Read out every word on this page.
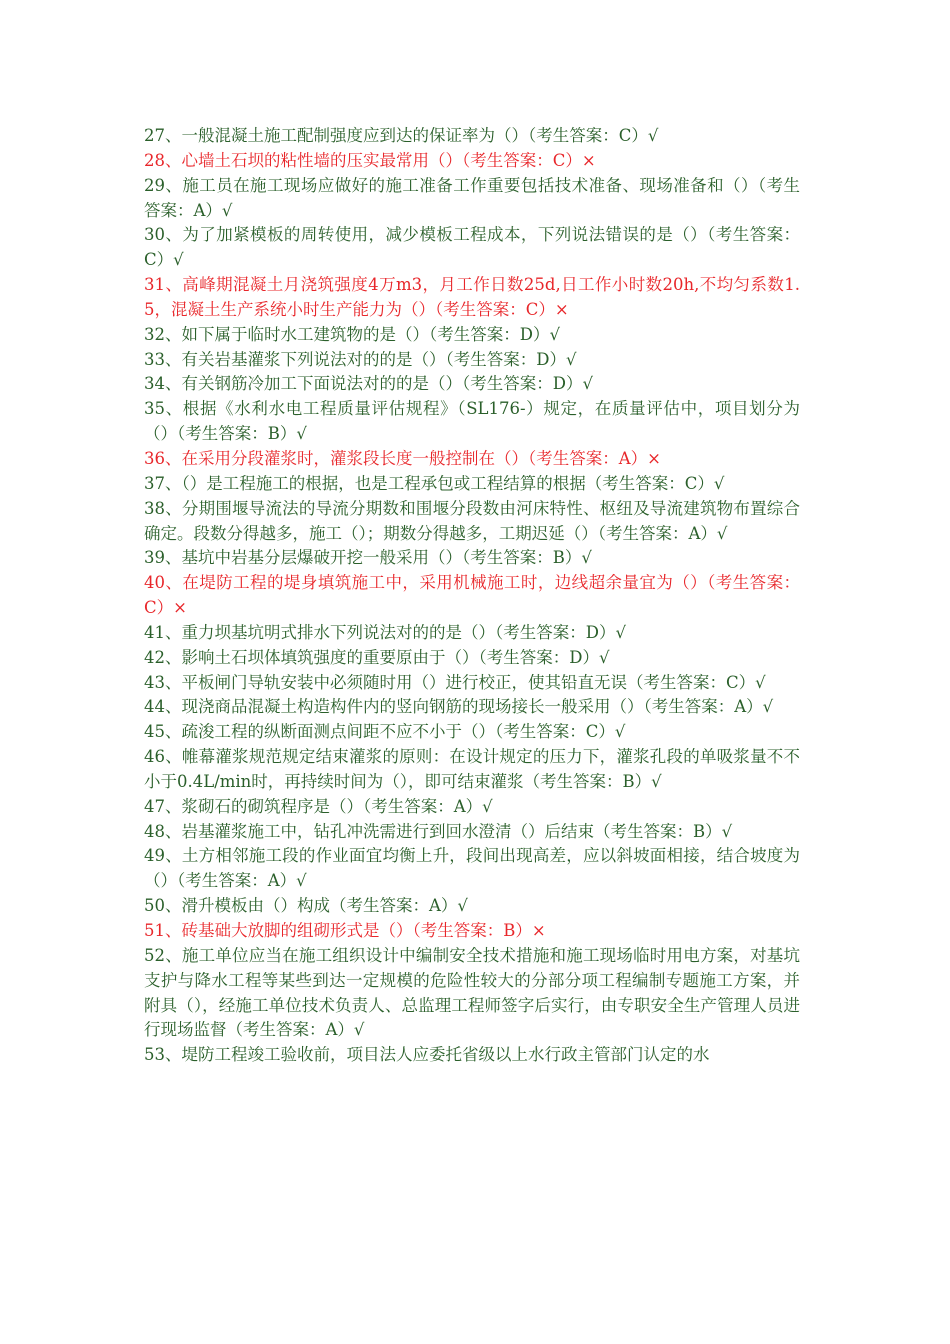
27、一般混凝土施工配制强度应到达的保证率为（）（考生答案：C）√

28、心墙土石坝的粘性墙的压实最常用（）（考生答案：C）×

29、施工员在施工现场应做好的施工准备工作重要包括技术准备、现场准备和（）（考生答案：A）√

30、为了加紧模板的周转使用，减少模板工程成本，下列说法错误的是（）（考生答案：C）√

31、高峰期混凝土月浇筑强度4万m3，月工作日数25d,日工作小时数20h,不均匀系数1.5，混凝土生产系统小时生产能力为（）（考生答案：C）×

32、如下属于临时水工建筑物的是（）（考生答案：D）√

33、有关岩基灌浆下列说法对的的是（）（考生答案：D）√

34、有关钢筋冷加工下面说法对的的是（）（考生答案：D）√

35、根据《水利水电工程质量评估规程》（SL176-）规定，在质量评估中，项目划分为（）（考生答案：B）√

36、在采用分段灌浆时，灌浆段长度一般控制在（）（考生答案：A）×

37、（）是工程施工的根据，也是工程承包或工程结算的根据（考生答案：C）√

38、分期围堰导流法的导流分期数和围堰分段数由河床特性、枢纽及导流建筑物布置综合确定。段数分得越多，施工（）；期数分得越多，工期迟延（）（考生答案：A）√

39、基坑中岩基分层爆破开挖一般采用（）（考生答案：B）√

40、在堤防工程的堤身填筑施工中，采用机械施工时，边线超余量宜为（）（考生答案：C）×

41、重力坝基坑明式排水下列说法对的的是（）（考生答案：D）√

42、影响土石坝体填筑强度的重要原由于（）（考生答案：D）√

43、平板闸门导轨安装中必须随时用（）进行校正，使其铅直无误（考生答案：C）√

44、现浇商品混凝土构造构件内的竖向钢筋的现场接长一般采用（）（考生答案：A）√

45、疏浚工程的纵断面测点间距不应不小于（）（考生答案：C）√

46、帷幕灌浆规范规定结束灌浆的原则：在设计规定的压力下，灌浆孔段的单吸浆量不不小于0.4L/min时，再持续时间为（），即可结束灌浆（考生答案：B）√

47、浆砌石的砌筑程序是（）（考生答案：A）√

48、岩基灌浆施工中，钻孔冲洗需进行到回水澄清（）后结束（考生答案：B）√

49、土方相邻施工段的作业面宜均衡上升，段间出现高差，应以斜坡面相接，结合坡度为（）（考生答案：A）√

50、滑升模板由（）构成（考生答案：A）√

51、砖基础大放脚的组砌形式是（）（考生答案：B）×

52、施工单位应当在施工组织设计中编制安全技术措施和施工现场临时用电方案，对基坑支护与降水工程等某些到达一定规模的危险性较大的分部分项工程编制专题施工方案，并附具（），经施工单位技术负责人、总监理工程师签字后实行，由专职安全生产管理人员进行现场监督（考生答案：A）√

53、堤防工程竣工验收前，项目法人应委托省级以上水行政主管部门认定的水
